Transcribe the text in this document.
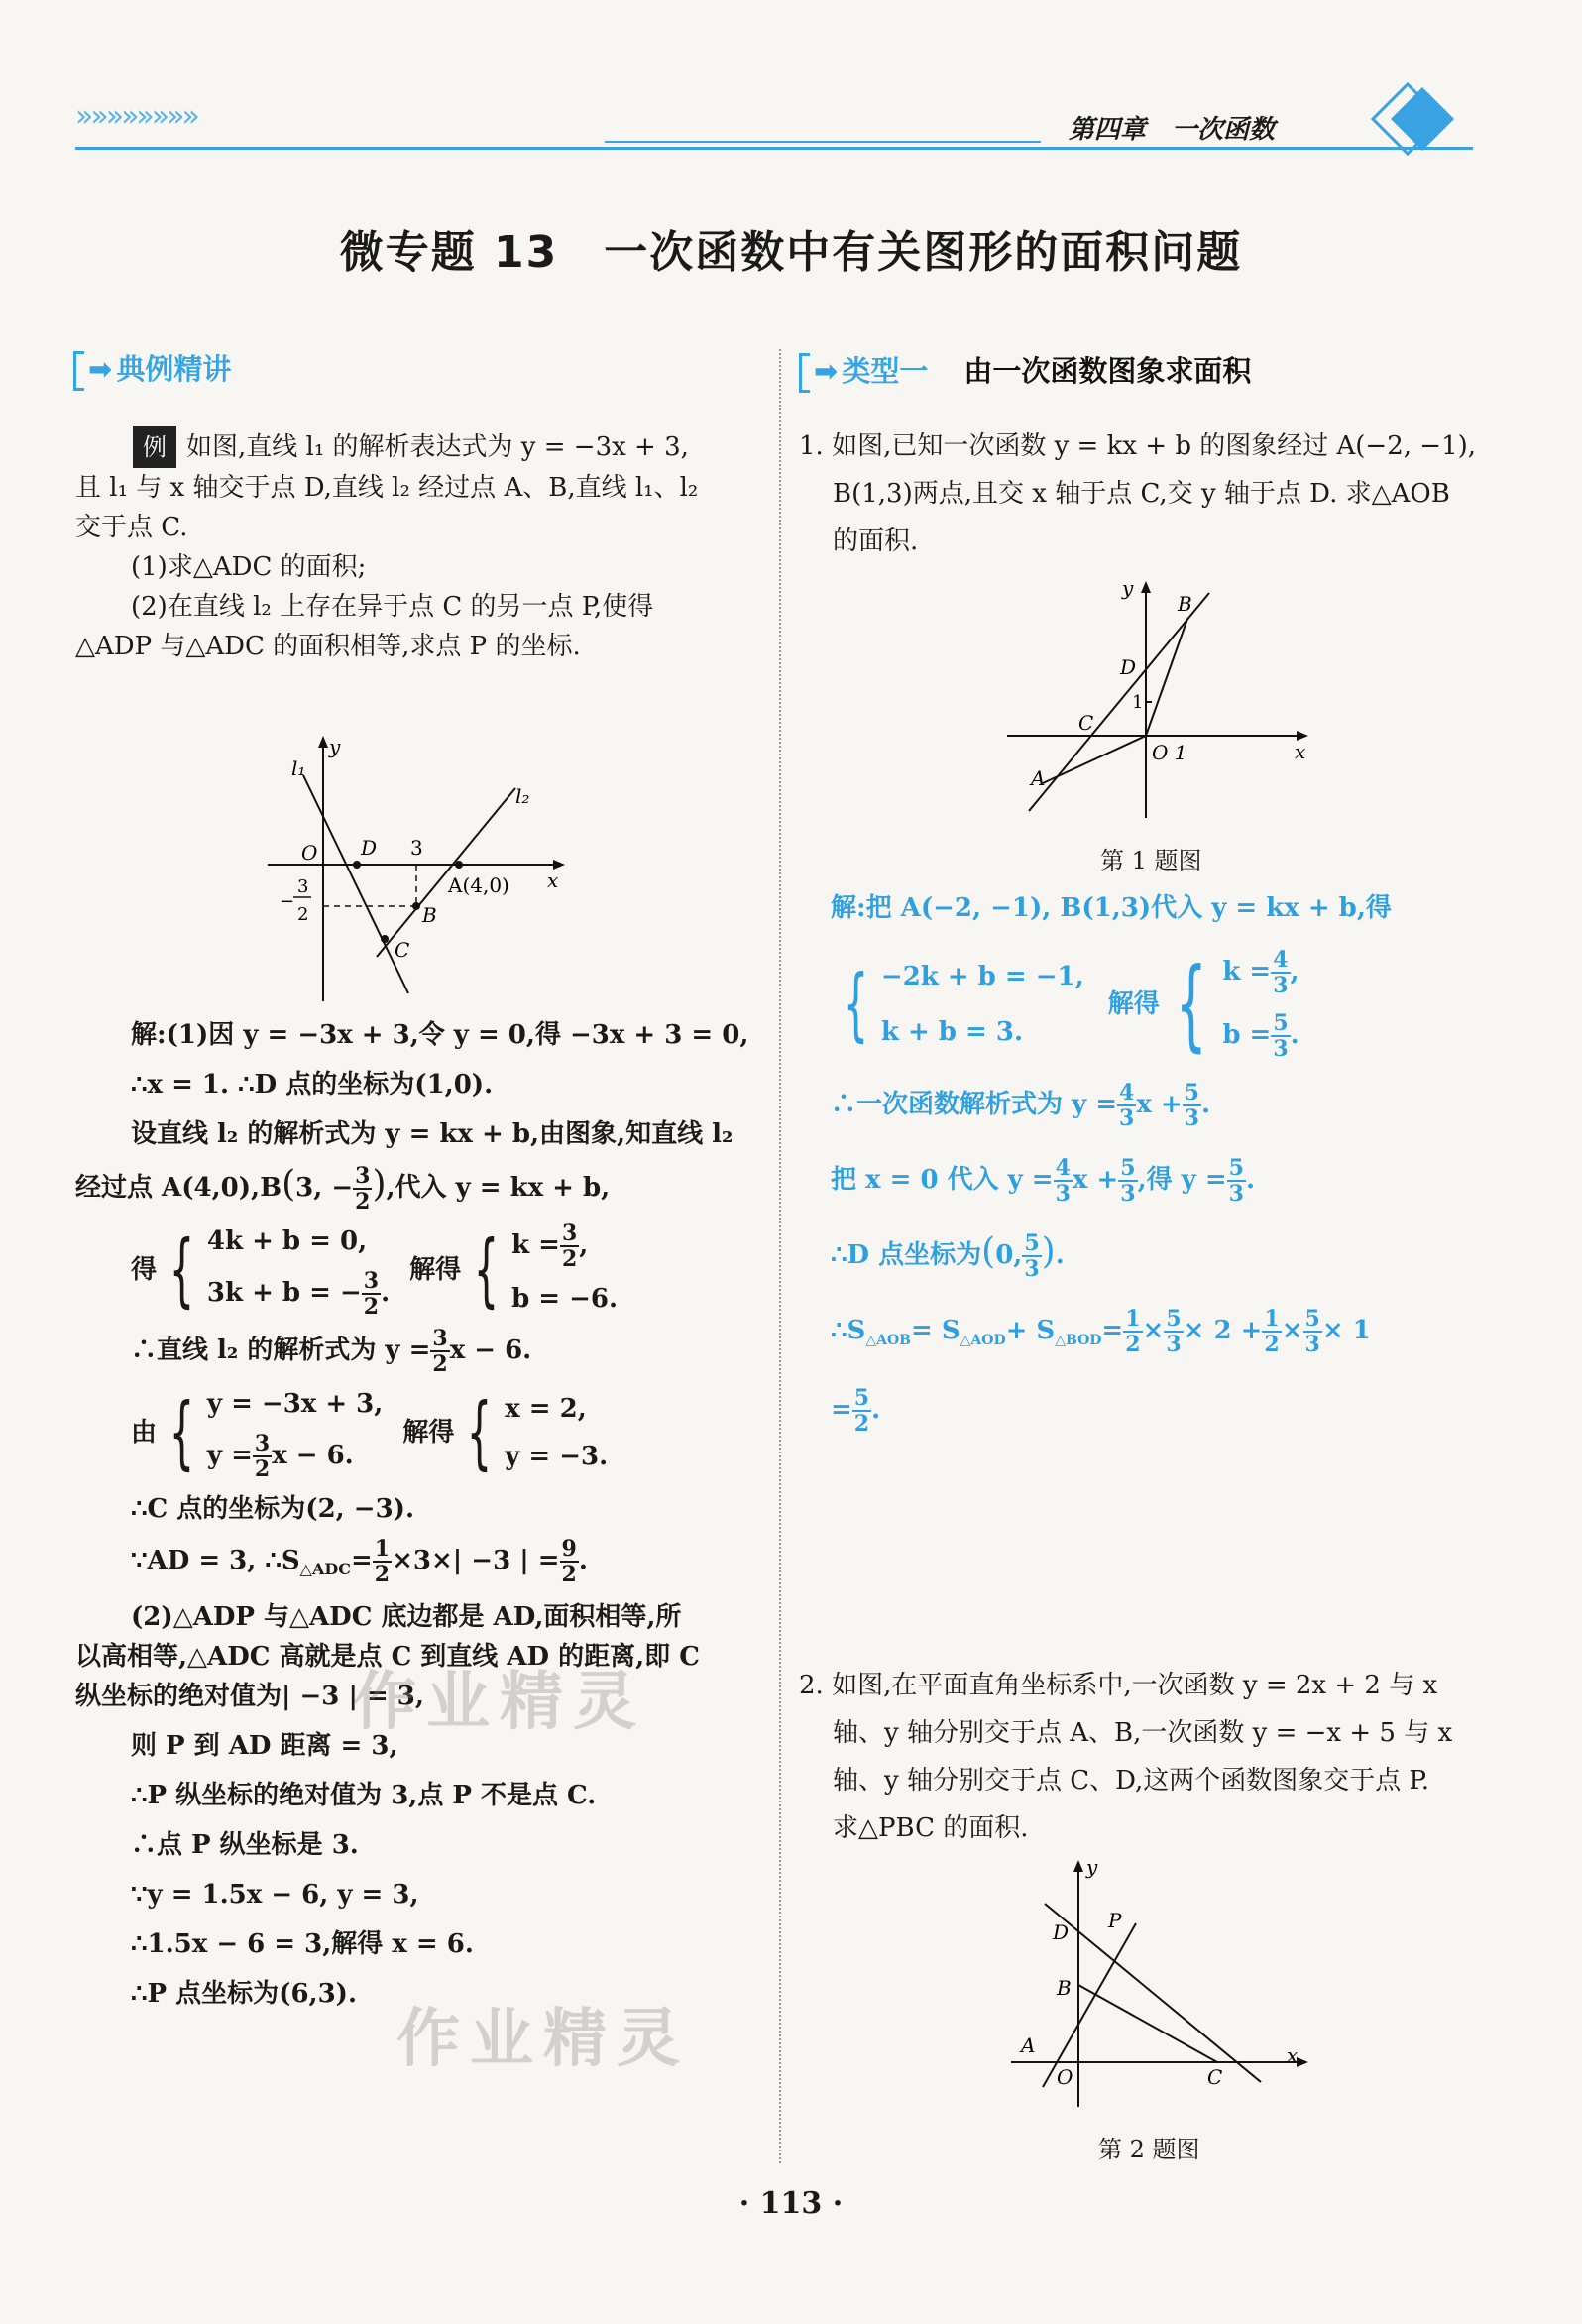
»»»»»»»»	第四章　一次函数
微专题 13　一次函数中有关图形的面积问题
➡ 典例精讲
例 如图,直线 l₁ 的解析表达式为 y = −3x + 3,
且 l₁ 与 x 轴交于点 D,直线 l₂ 经过点 A、B,直线 l₁、l₂
交于点 C.
(1)求△ADC 的面积;
(2)在直线 l₂ 上存在异于点 C 的另一点 P,使得
△ADP 与△ADC 的面积相等,求点 P 的坐标.
l₁
y
l₂
O D 3
x
A(4,0)
B
C
−
3
2
解:(1)因 y = −3x + 3,令 y = 0,得 −3x + 3 = 0,
∴x = 1. ∴D 点的坐标为(1,0).
设直线 l₂ 的解析式为 y = kx + b,由图象,知直线 l₂
经过点 A(4,0),B(3, − $\frac{3}{2}$ ),代入 y = kx + b,
得 { 4k + b = 0,
3k + b = − $\frac{3}{2}$ .
解得 { $k = \frac{3}{2}$ ,
b = −6.
∴直线 l₂ 的解析式为 $y = \frac{3}{2}$ x − 6.
由 { y = −3x + 3,
$y = \frac{3}{2}$ x − 6.
解得 { x = 2,
y = −3.
∴C 点的坐标为(2, −3).
∵AD = 3, $\therefore S_{\triangle ADC}= \frac{1}{2} \times 3\times| -3$ | = $\frac{9}{2}$ .
(2)△ADP 与△ADC 底边都是 AD,面积相等,所
以高相等,△ADC 高就是点 C 到直线 AD 的距离,即 C
纵坐标的绝对值为| −3 | = 3,
则 P 到 AD 距离 = 3,
∴P 纵坐标的绝对值为 3,点 P 不是点 C.
∴点 P 纵坐标是 3.
∵y = 1.5x − 6, y = 3,
∴1.5x − 6 = 3,解得 x = 6.
∴P 点坐标为(6,3).
➡ 类型一 由一次函数图象求面积
1. 如图,已知一次函数 y = kx + b 的图象经过 A(−2, −1),
B(1,3)两点,且交 x 轴于点 C,交 y 轴于点 D. 求△AOB
的面积.
y
B
D
1
C
O 1	x
A
第 1 题图
解:把 A(−2, −1), B(1,3)代入 y = kx + b,得
{ −2k + b = −1,
k + b = 3.
解得 { $k = \frac{4}{3}$ ,
$b = \frac{5}{3}$ .
∴一次函数解析式为 $y = \frac{4}{3}$ $x + \frac{5}{3}$ .
把 x = 0 代入 $y = \frac{4}{3}$ $x + \frac{5}{3}$ ,得 $y = \frac{5}{3}$ .
∴D 点坐标为(0, $\frac{5}{3}$ ).
$\therefore S_{\triangle AOB}= S_{\triangle AOD}+ S_{\triangle BOD}= \frac{1}{2} \times \frac{5}{3} \times 2 + \frac{1}{2} \times \frac{5}{3} \times 1$
= $\frac{5}{2}$ .
2. 如图,在平面直角坐标系中,一次函数 y = 2x + 2 与 x
轴、y 轴分别交于点 A、B,一次函数 y = −x + 5 与 x
轴、y 轴分别交于点 C、D,这两个函数图象交于点 P.
求△PBC 的面积.
y
D P
B
A
O	C
x
第 2 题图
作业精灵
作业精灵
· 113 ·
